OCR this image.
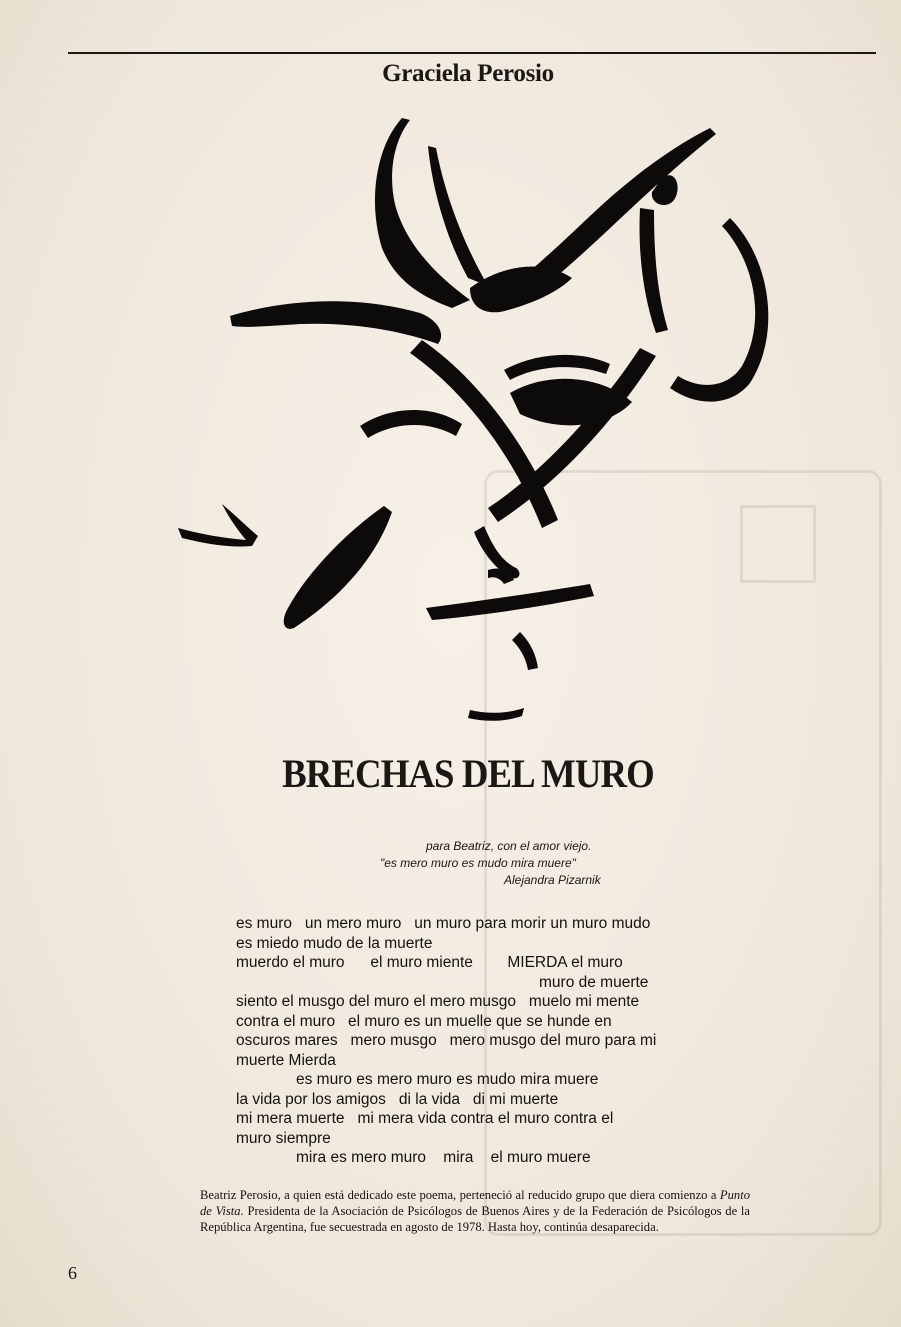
Graciela Perosio
BRECHAS DEL MURO
para Beatriz, con el amor viejo.
"es mero muro es mudo mira muere"
Alejandra Pizarnik
es muro   un mero muro   un muro para morir un muro mudo
es miedo mudo de la muerte
muerdo el muro      el muro miente        MIERDA el muro
muro de muerte
siento el musgo del muro el mero musgo   muelo mi mente
contra el muro   el muro es un muelle que se hunde en
oscuros mares   mero musgo   mero musgo del muro para mi
muerte Mierda
es muro es mero muro es mudo mira muere
la vida por los amigos   di la vida   di mi muerte
mi mera muerte   mi mera vida contra el muro contra el
muro siempre
mira es mero muro    mira    el muro muere
Beatriz Perosio, a quien está dedicado este poema, perteneció al reducido grupo que diera comienzo a Punto de Vista. Presidenta de la Asociación de Psicólogos de Buenos Aires y de la Federación de Psicólogos de la República Argentina, fue secuestrada en agosto de 1978. Hasta hoy, continúa desaparecida.
6
